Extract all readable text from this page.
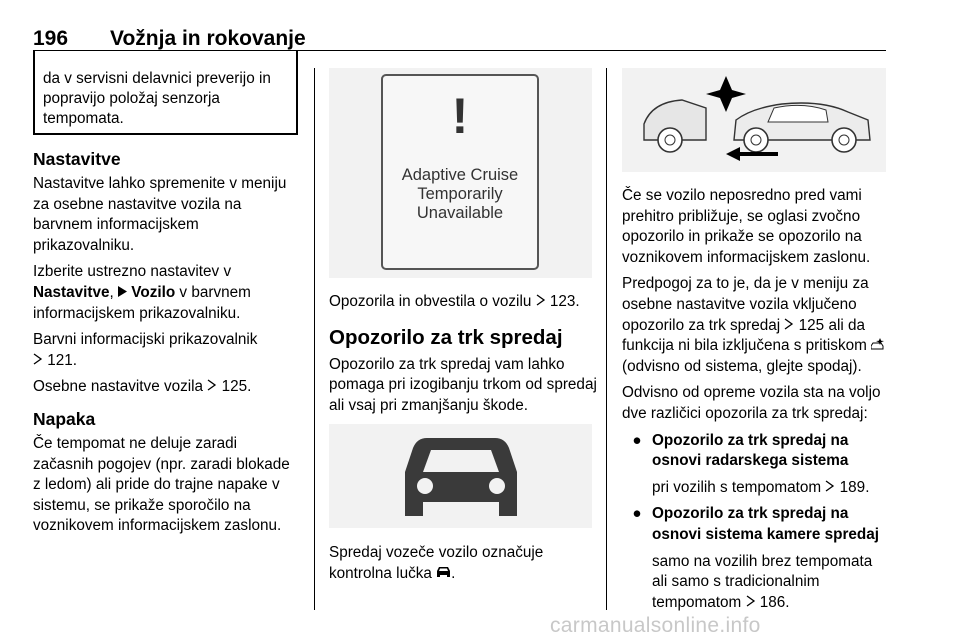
196 Vožnja in rokovanje
da v servisni delavnici preverijo in popravijo položaj senzorja tempomata.
Nastavitve

Nastavitve lahko spremenite v meniju za osebne nastavitve vozila na barvnem informacijskem prikazovalniku.

Izberite ustrezno nastavitev v
Nastavitve,  Vozilo v barvnem informacijskem prikazovalniku.

Barvni informacijski prikazovalnik
121.

Osebne nastavitve vozila 125.

Napaka

Če tempomat ne deluje zaradi začasnih pogojev (npr. zaradi blokade z ledom) ali pride do trajne napake v sistemu, se prikaže sporočilo na voznikovem informacijskem zaslonu.

!
Adaptive Cruise
Temporarily
Unavailable

Opozorila in obvestila o vozilu 123.

Opozorilo za trk spredaj

Opozorilo za trk spredaj vam lahko pomaga pri izogibanju trkom od spredaj ali vsaj pri zmanjšanju škode.

Spredaj vozeče vozilo označuje kontrolna lučka .

Če se vozilo neposredno pred vami prehitro približuje, se oglasi zvočno opozorilo in prikaže se opozorilo na voznikovem informacijskem zaslonu.

Predpogoj za to je, da je v meniju za osebne nastavitve vozila vključeno opozorilo za trk spredaj 125 ali da funkcija ni bila izključena s pritiskom  (odvisno od sistema, glejte spodaj).

Odvisno od opreme vozila sta na voljo dve različici opozorila za trk spredaj:

● Opozorilo za trk spredaj na osnovi radarskega sistema

pri vozilih s tempomatom 189.

● Opozorilo za trk spredaj na osnovi sistema kamere spredaj

samo na vozilih brez tempomata ali samo s tradicionalnim tempomatom 186.

carmanualsonline.info
